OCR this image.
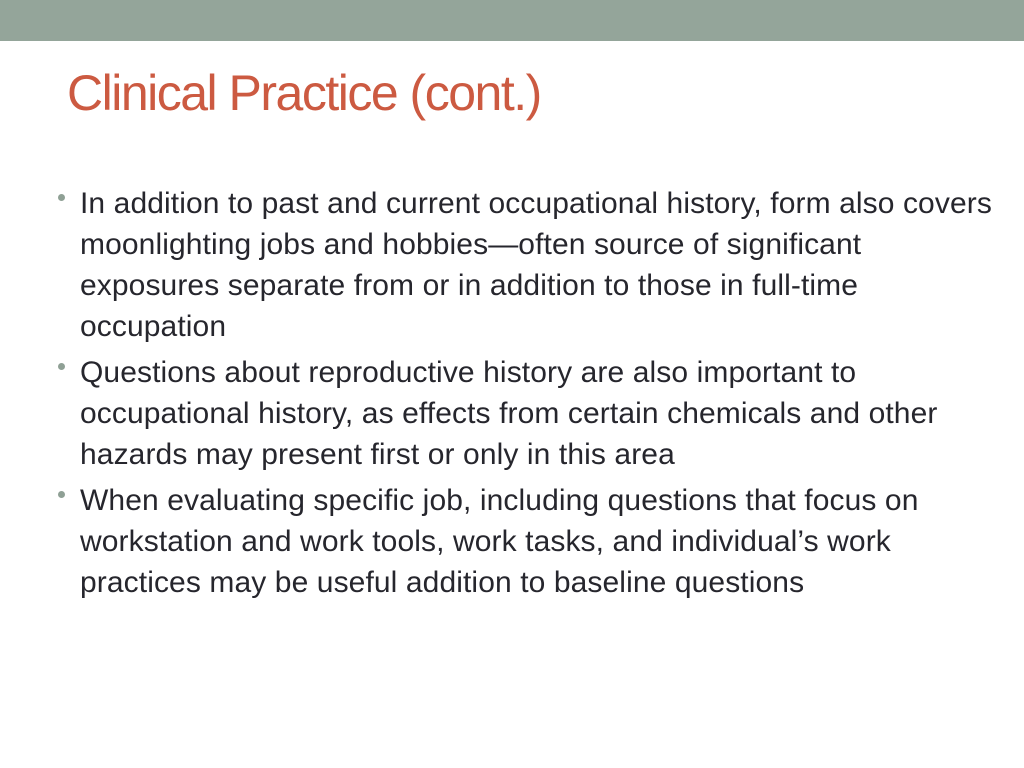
Clinical Practice (cont.)
In addition to past and current occupational history, form also covers moonlighting jobs and hobbies—often source of significant exposures separate from or in addition to those in full-time occupation
Questions about reproductive history are also important to occupational history, as effects from certain chemicals and other hazards may present first or only in this area
When evaluating specific job, including questions that focus on workstation and work tools, work tasks, and individual’s work practices may be useful addition to baseline questions
